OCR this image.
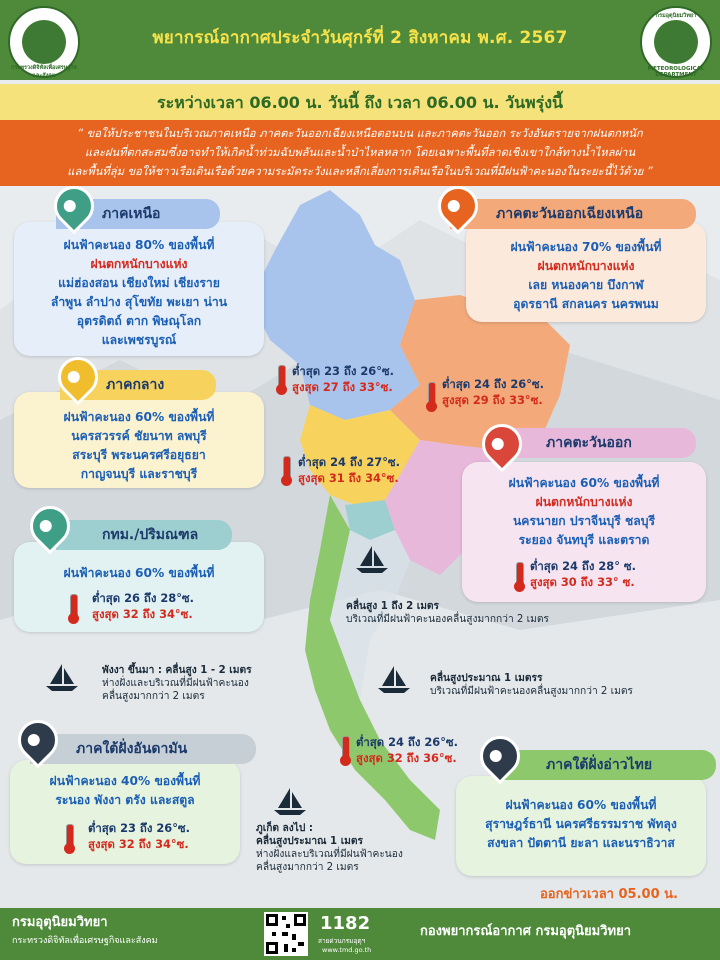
กระทรวงดิจิทัลเพื่อเศรษฐกิจและสังคม
พยากรณ์อากาศประจำวันศุกร์ที่ 2 สิงหาคม พ.ศ. 2567
กรมอุตุนิยมวิทยา
METEOROLOGICAL DEPARTMENT
ระหว่างเวลา 06.00 น. วันนี้ ถึง เวลา 06.00 น. วันพรุ่งนี้
“ ขอให้ประชาชนในบริเวณภาคเหนือ ภาคตะวันออกเฉียงเหนือตอนบน และภาคตะวันออก ระวังอันตรายจากฝนตกหนัก
และฝนที่ตกสะสมซึ่งอาจทำให้เกิดน้ำท่วมฉับพลันและน้ำป่าไหลหลาก โดยเฉพาะพื้นที่ลาดเชิงเขาใกล้ทางน้ำไหลผ่าน
และพื้นที่ลุ่ม ขอให้ชาวเรือเดินเรือด้วยความระมัดระวังและหลีกเลี่ยงการเดินเรือในบริเวณที่มีฝนฟ้าคะนองในระยะนี้ไว้ด้วย ”
ภาคเหนือ
ฝนฟ้าคะนอง 80% ของพื้นที่
ฝนตกหนักบางแห่ง
แม่ฮ่องสอน เชียงใหม่ เชียงราย
ลำพูน ลำปาง สุโขทัย พะเยา น่าน
อุตรดิตถ์ ตาก พิษณุโลก
และเพชรบูรณ์
ต่ำสุด 23 ถึง 26°ซ.
สูงสุด 27 ถึง 33°ซ.
ภาคตะวันออกเฉียงเหนือ
ฝนฟ้าคะนอง 70% ของพื้นที่
ฝนตกหนักบางแห่ง
เลย หนองคาย บึงกาฬ
อุดรธานี สกลนคร นครพนม
ต่ำสุด 24 ถึง 26°ซ.
สูงสุด 29 ถึง 33°ซ.
ภาคกลาง
ฝนฟ้าคะนอง 60% ของพื้นที่
นครสวรรค์ ชัยนาท ลพบุรี
สระบุรี พระนครศรีอยุธยา
กาญจนบุรี และราชบุรี
ต่ำสุด 24 ถึง 27°ซ.
สูงสุด 31 ถึง 34°ซ.
ภาคตะวันออก
ฝนฟ้าคะนอง 60% ของพื้นที่
ฝนตกหนักบางแห่ง
นครนายก ปราจีนบุรี ชลบุรี
ระยอง จันทบุรี และตราด
ต่ำสุด 24 ถึง 28° ซ.
สูงสุด 30 ถึง 33° ซ.
กทม./ปริมณฑล
ฝนฟ้าคะนอง 60% ของพื้นที่
ต่ำสุด 26 ถึง 28°ซ.
สูงสุด 32 ถึง 34°ซ.
คลื่นสูง 1 ถึง 2 เมตร
บริเวณที่มีฝนฟ้าคะนองคลื่นสูงมากกว่า 2 เมตร
พังงา ขึ้นมา : คลื่นสูง 1 - 2 เมตร
ห่างฝั่งและบริเวณที่มีฝนฟ้าคะนอง
คลื่นสูงมากกว่า 2 เมตร
คลื่นสูงประมาณ 1 เมตรร
บริเวณที่มีฝนฟ้าคะนองคลื่นสูงมากกว่า 2 เมตร
ภูเก็ต ลงไป :
คลื่นสูงประมาณ 1 เมตร
ห่างฝั่งและบริเวณที่มีฝนฟ้าคะนอง
คลื่นสูงมากกว่า 2 เมตร
ภาคใต้ฝั่งอันดามัน
ฝนฟ้าคะนอง 40% ของพื้นที่
ระนอง พังงา ตรัง และสตูล
ต่ำสุด 23 ถึง 26°ซ.
สูงสุด 32 ถึง 34°ซ.
ต่ำสุด 24 ถึง 26°ซ.
สูงสุด 32 ถึง 36°ซ.	ภาคใต้ฝั่งอ่าวไทย
ฝนฟ้าคะนอง 60% ของพื้นที่
สุราษฎร์ธานี นครศรีธรรมราช พัทลุง
สงขลา ปัตตานี ยะลา และนราธิวาส
ออกข่าวเวลา 05.00 น.
กรมอุตุนิยมวิทยา
กระทรวงดิจิทัลเพื่อเศรษฐกิจและสังคม
1182
สายด่วนกรมอุตุฯ
www.tmd.go.th
กองพยากรณ์อากาศ กรมอุตุนิยมวิทยา
